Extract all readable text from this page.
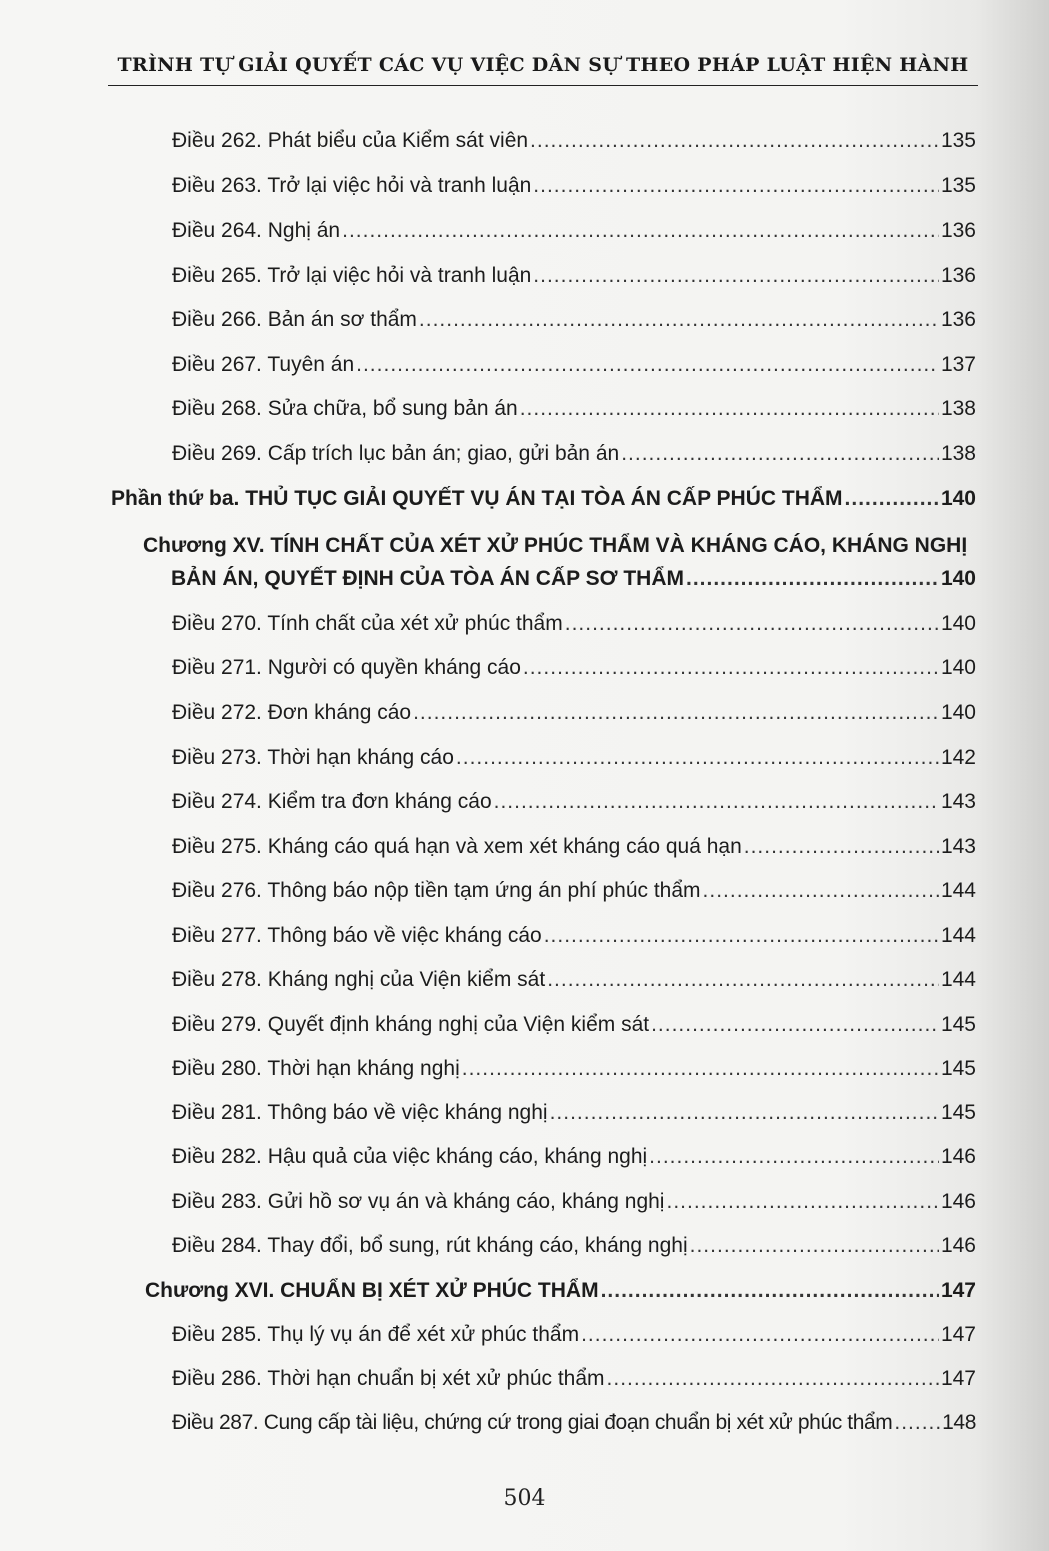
TRÌNH TỰ GIẢI QUYẾT CÁC VỤ VIỆC DÂN SỰ THEO PHÁP LUẬT HIỆN HÀNH
Điều 262. Phát biểu của Kiểm sát viên .....	135
Điều 263. Trở lại việc hỏi và tranh luận .....	135
Điều 264. Nghị án .....	136
Điều 265. Trở lại việc hỏi và tranh luận .....	136
Điều 266. Bản án sơ thẩm .....	136
Điều 267. Tuyên án .....	137
Điều 268. Sửa chữa, bổ sung bản án .....	138
Điều 269. Cấp trích lục bản án; giao, gửi bản án .....	138
Phần thứ ba. THỦ TỤC GIẢI QUYẾT VỤ ÁN TẠI TÒA ÁN CẤP PHÚC THẨM .....	140
Chương XV. TÍNH CHẤT CỦA XÉT XỬ PHÚC THẨM VÀ KHÁNG CÁO, KHÁNG NGHỊ
BẢN ÁN, QUYẾT ĐỊNH CỦA TÒA ÁN CẤP SƠ THẨM .....	140
Điều 270. Tính chất của xét xử phúc thẩm .....	140
Điều 271. Người có quyền kháng cáo .....	140
Điều 272. Đơn kháng cáo .....	140
Điều 273. Thời hạn kháng cáo .....	142
Điều 274. Kiểm tra đơn kháng cáo .....	143
Điều 275. Kháng cáo quá hạn và xem xét kháng cáo quá hạn .....	143
Điều 276. Thông báo nộp tiền tạm ứng án phí phúc thẩm .....	144
Điều 277. Thông báo về việc kháng cáo .....	144
Điều 278. Kháng nghị của Viện kiểm sát .....	144
Điều 279. Quyết định kháng nghị của Viện kiểm sát .....	145
Điều 280. Thời hạn kháng nghị .....	145
Điều 281. Thông báo về việc kháng nghị .....	145
Điều 282. Hậu quả của việc kháng cáo, kháng nghị .....	146
Điều 283. Gửi hồ sơ vụ án và kháng cáo, kháng nghị .....	146
Điều 284. Thay đổi, bổ sung, rút kháng cáo, kháng nghị .....	146
Chương XVI. CHUẨN BỊ XÉT XỬ PHÚC THẨM .....	147
Điều 285. Thụ lý vụ án để xét xử phúc thẩm .....	147
Điều 286. Thời hạn chuẩn bị xét xử phúc thẩm .....	147
Điều 287. Cung cấp tài liệu, chứng cứ trong giai đoạn chuẩn bị xét xử phúc thẩm ..... 148
504
